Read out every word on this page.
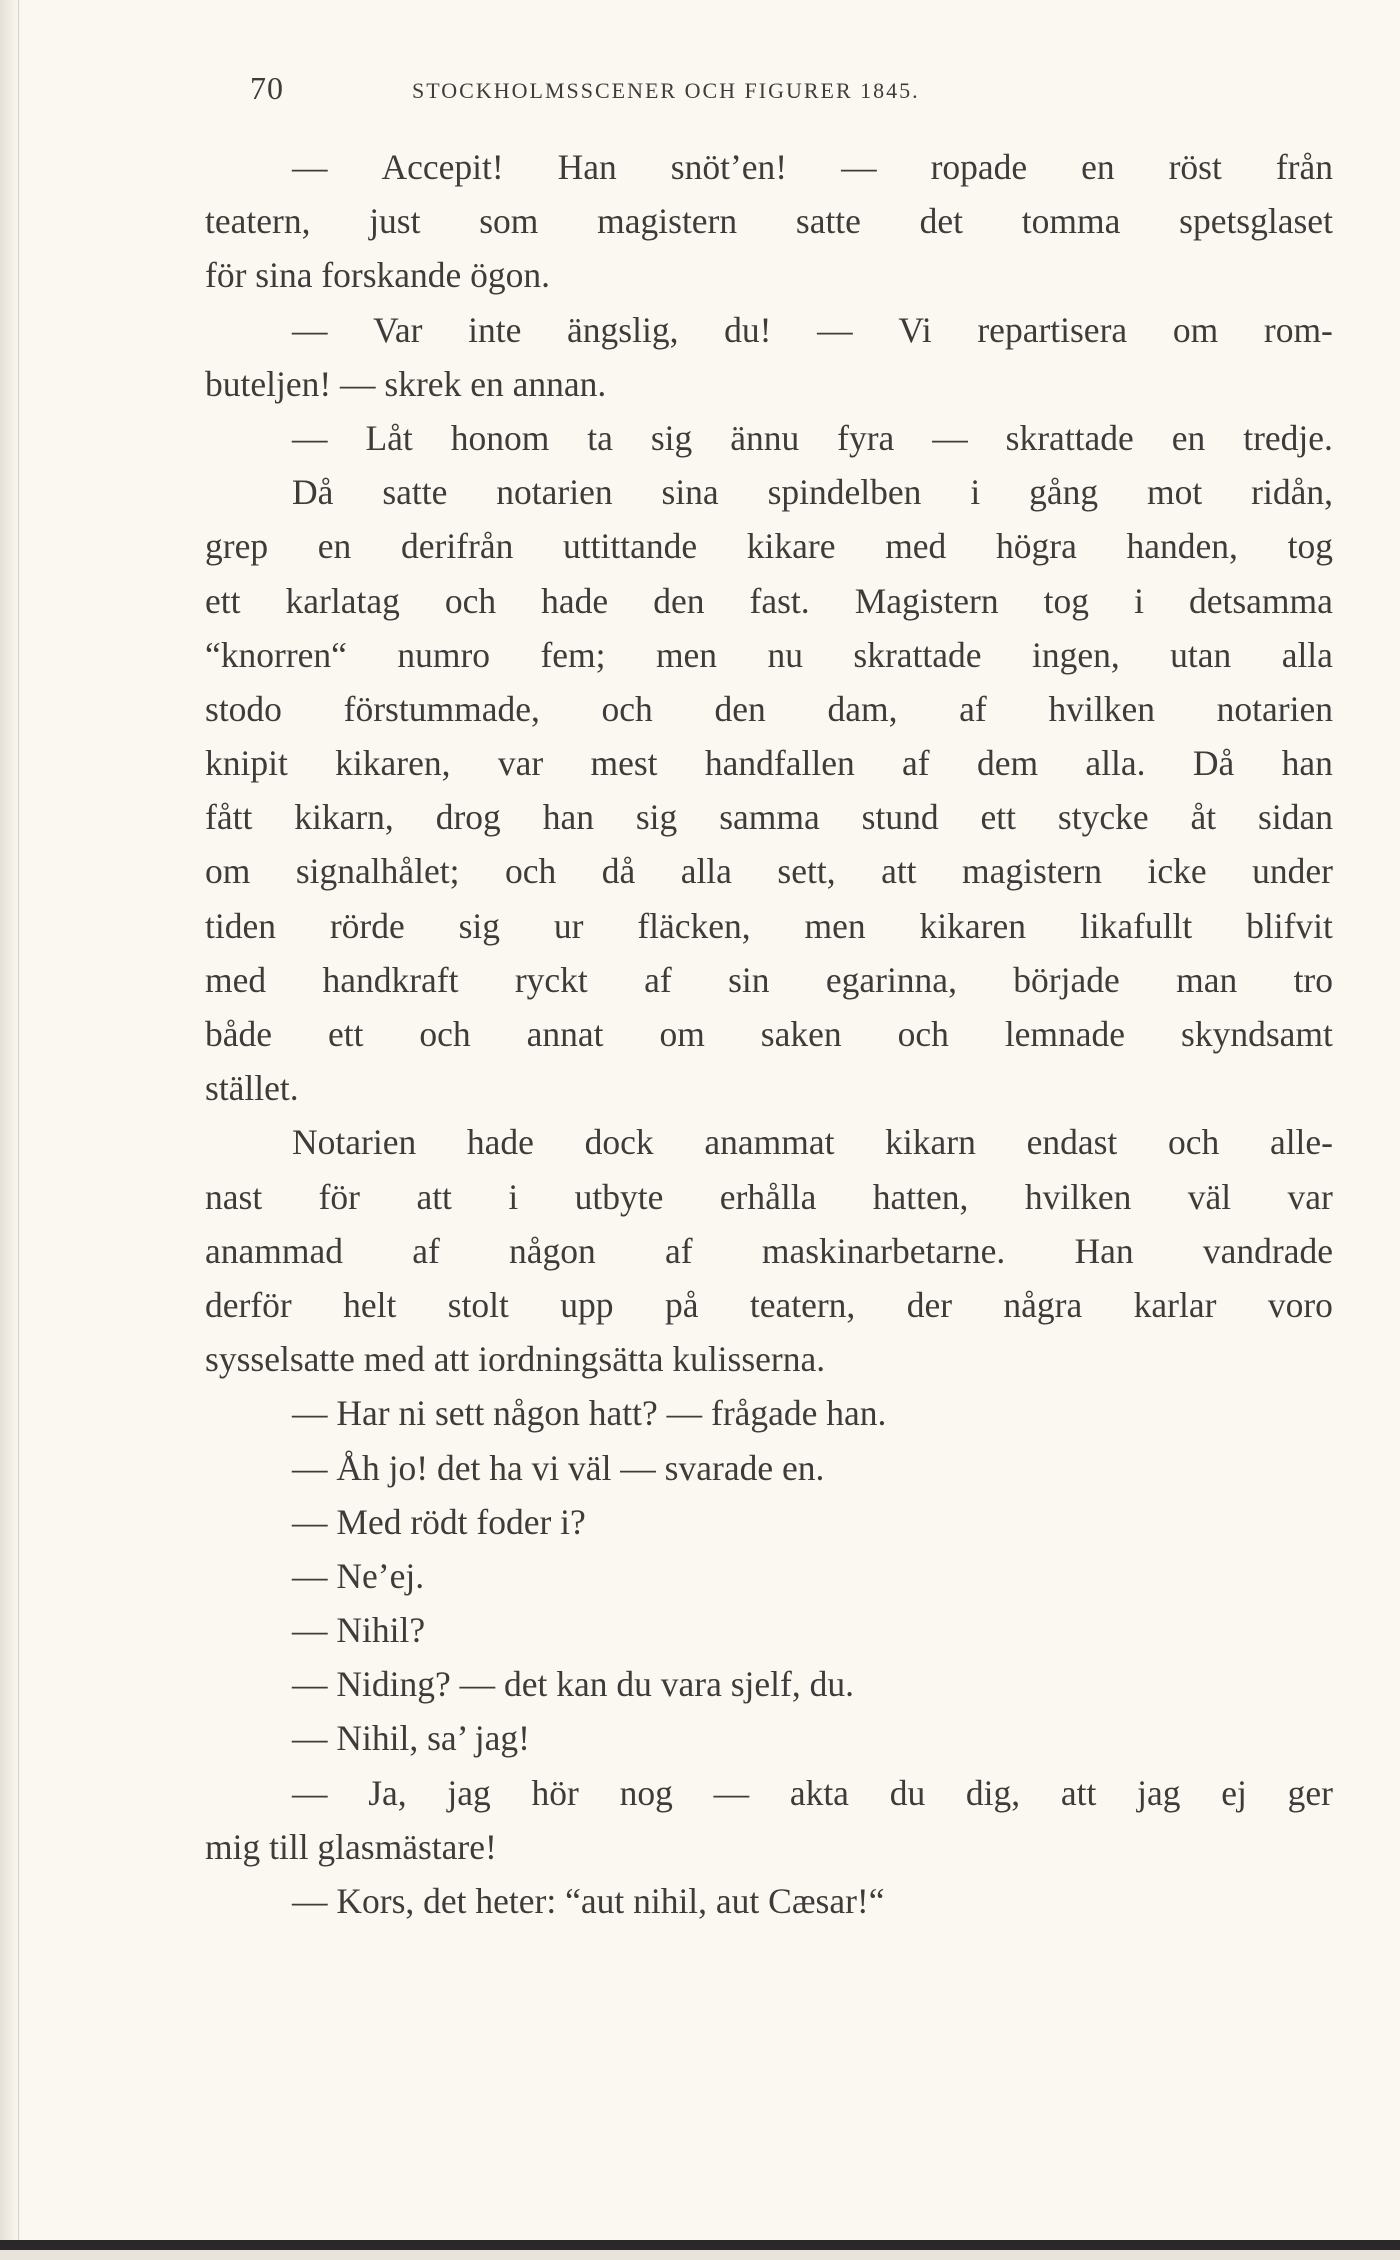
70	STOCKHOLMSSCENER OCH FIGURER 1845.
— Accepit! Han snöt’en! — ropade en röst från
teatern, just som magistern satte det tomma spetsglaset
för sina forskande ögon.
— Var inte ängslig, du! — Vi repartisera om rom-
buteljen! — skrek en annan.
— Låt honom ta sig ännu fyra — skrattade en tredje.
Då satte notarien sina spindelben i gång mot ridån,
grep en derifrån uttittande kikare med högra handen, tog
ett karlatag och hade den fast. Magistern tog i detsamma
“knorren“ numro fem; men nu skrattade ingen, utan alla
stodo förstummade, och den dam, af hvilken notarien
knipit kikaren, var mest handfallen af dem alla. Då han
fått kikarn, drog han sig samma stund ett stycke åt sidan
om signalhålet; och då alla sett, att magistern icke under
tiden rörde sig ur fläcken, men kikaren likafullt blifvit
med handkraft ryckt af sin egarinna, började man tro
både ett och annat om saken och lemnade skyndsamt
stället.
Notarien hade dock anammat kikarn endast och alle-
nast för att i utbyte erhålla hatten, hvilken väl var
anammad af någon af maskinarbetarne. Han vandrade
derför helt stolt upp på teatern, der några karlar voro
sysselsatte med att iordningsätta kulisserna.
— Har ni sett någon hatt? — frågade han.
— Åh jo! det ha vi väl — svarade en.
— Med rödt foder i?
— Ne’ej.
— Nihil?
— Niding? — det kan du vara sjelf, du.
— Nihil, sa’ jag!
— Ja, jag hör nog — akta du dig, att jag ej ger
mig till glasmästare!
— Kors, det heter: “aut nihil, aut Cæsar!“
